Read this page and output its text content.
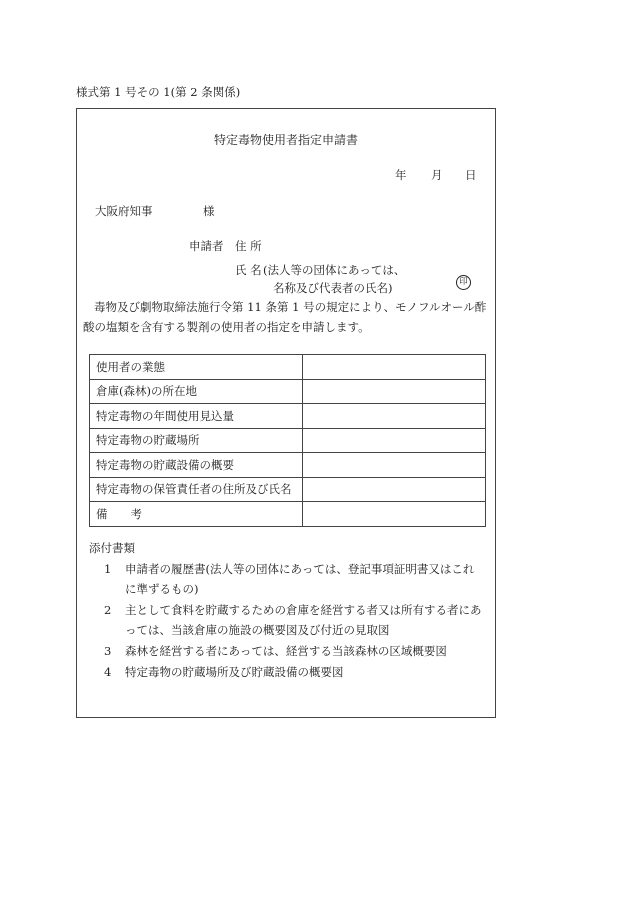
様式第 1 号その 1(第 2 条関係)
特定毒物使用者指定申請書
年 月 日
大阪府知事	様
申請者 住 所
氏 名 (法人等の団体にあっては、
名称及び代表者の氏名)	印
毒物及び劇物取締法施行令第 11 条第 1 号の規定により、モノフルオール酢酸の塩類を含有する製剤の使用者の指定を申請します。
使用者の業態	
倉庫(森林)の所在地	
特定毒物の年間使用見込量	
特定毒物の貯蔵場所	
特定毒物の貯蔵設備の概要	
特定毒物の保管責任者の住所及び氏名	
備　　考	
添付書類
1 申請者の履歴書(法人等の団体にあっては、登記事項証明書又はこれに準ずるもの)
2 主として食料を貯蔵するための倉庫を経営する者又は所有する者にあっては、当該倉庫の施設の概要図及び付近の見取図
3 森林を経営する者にあっては、経営する当該森林の区域概要図
4 特定毒物の貯蔵場所及び貯蔵設備の概要図
